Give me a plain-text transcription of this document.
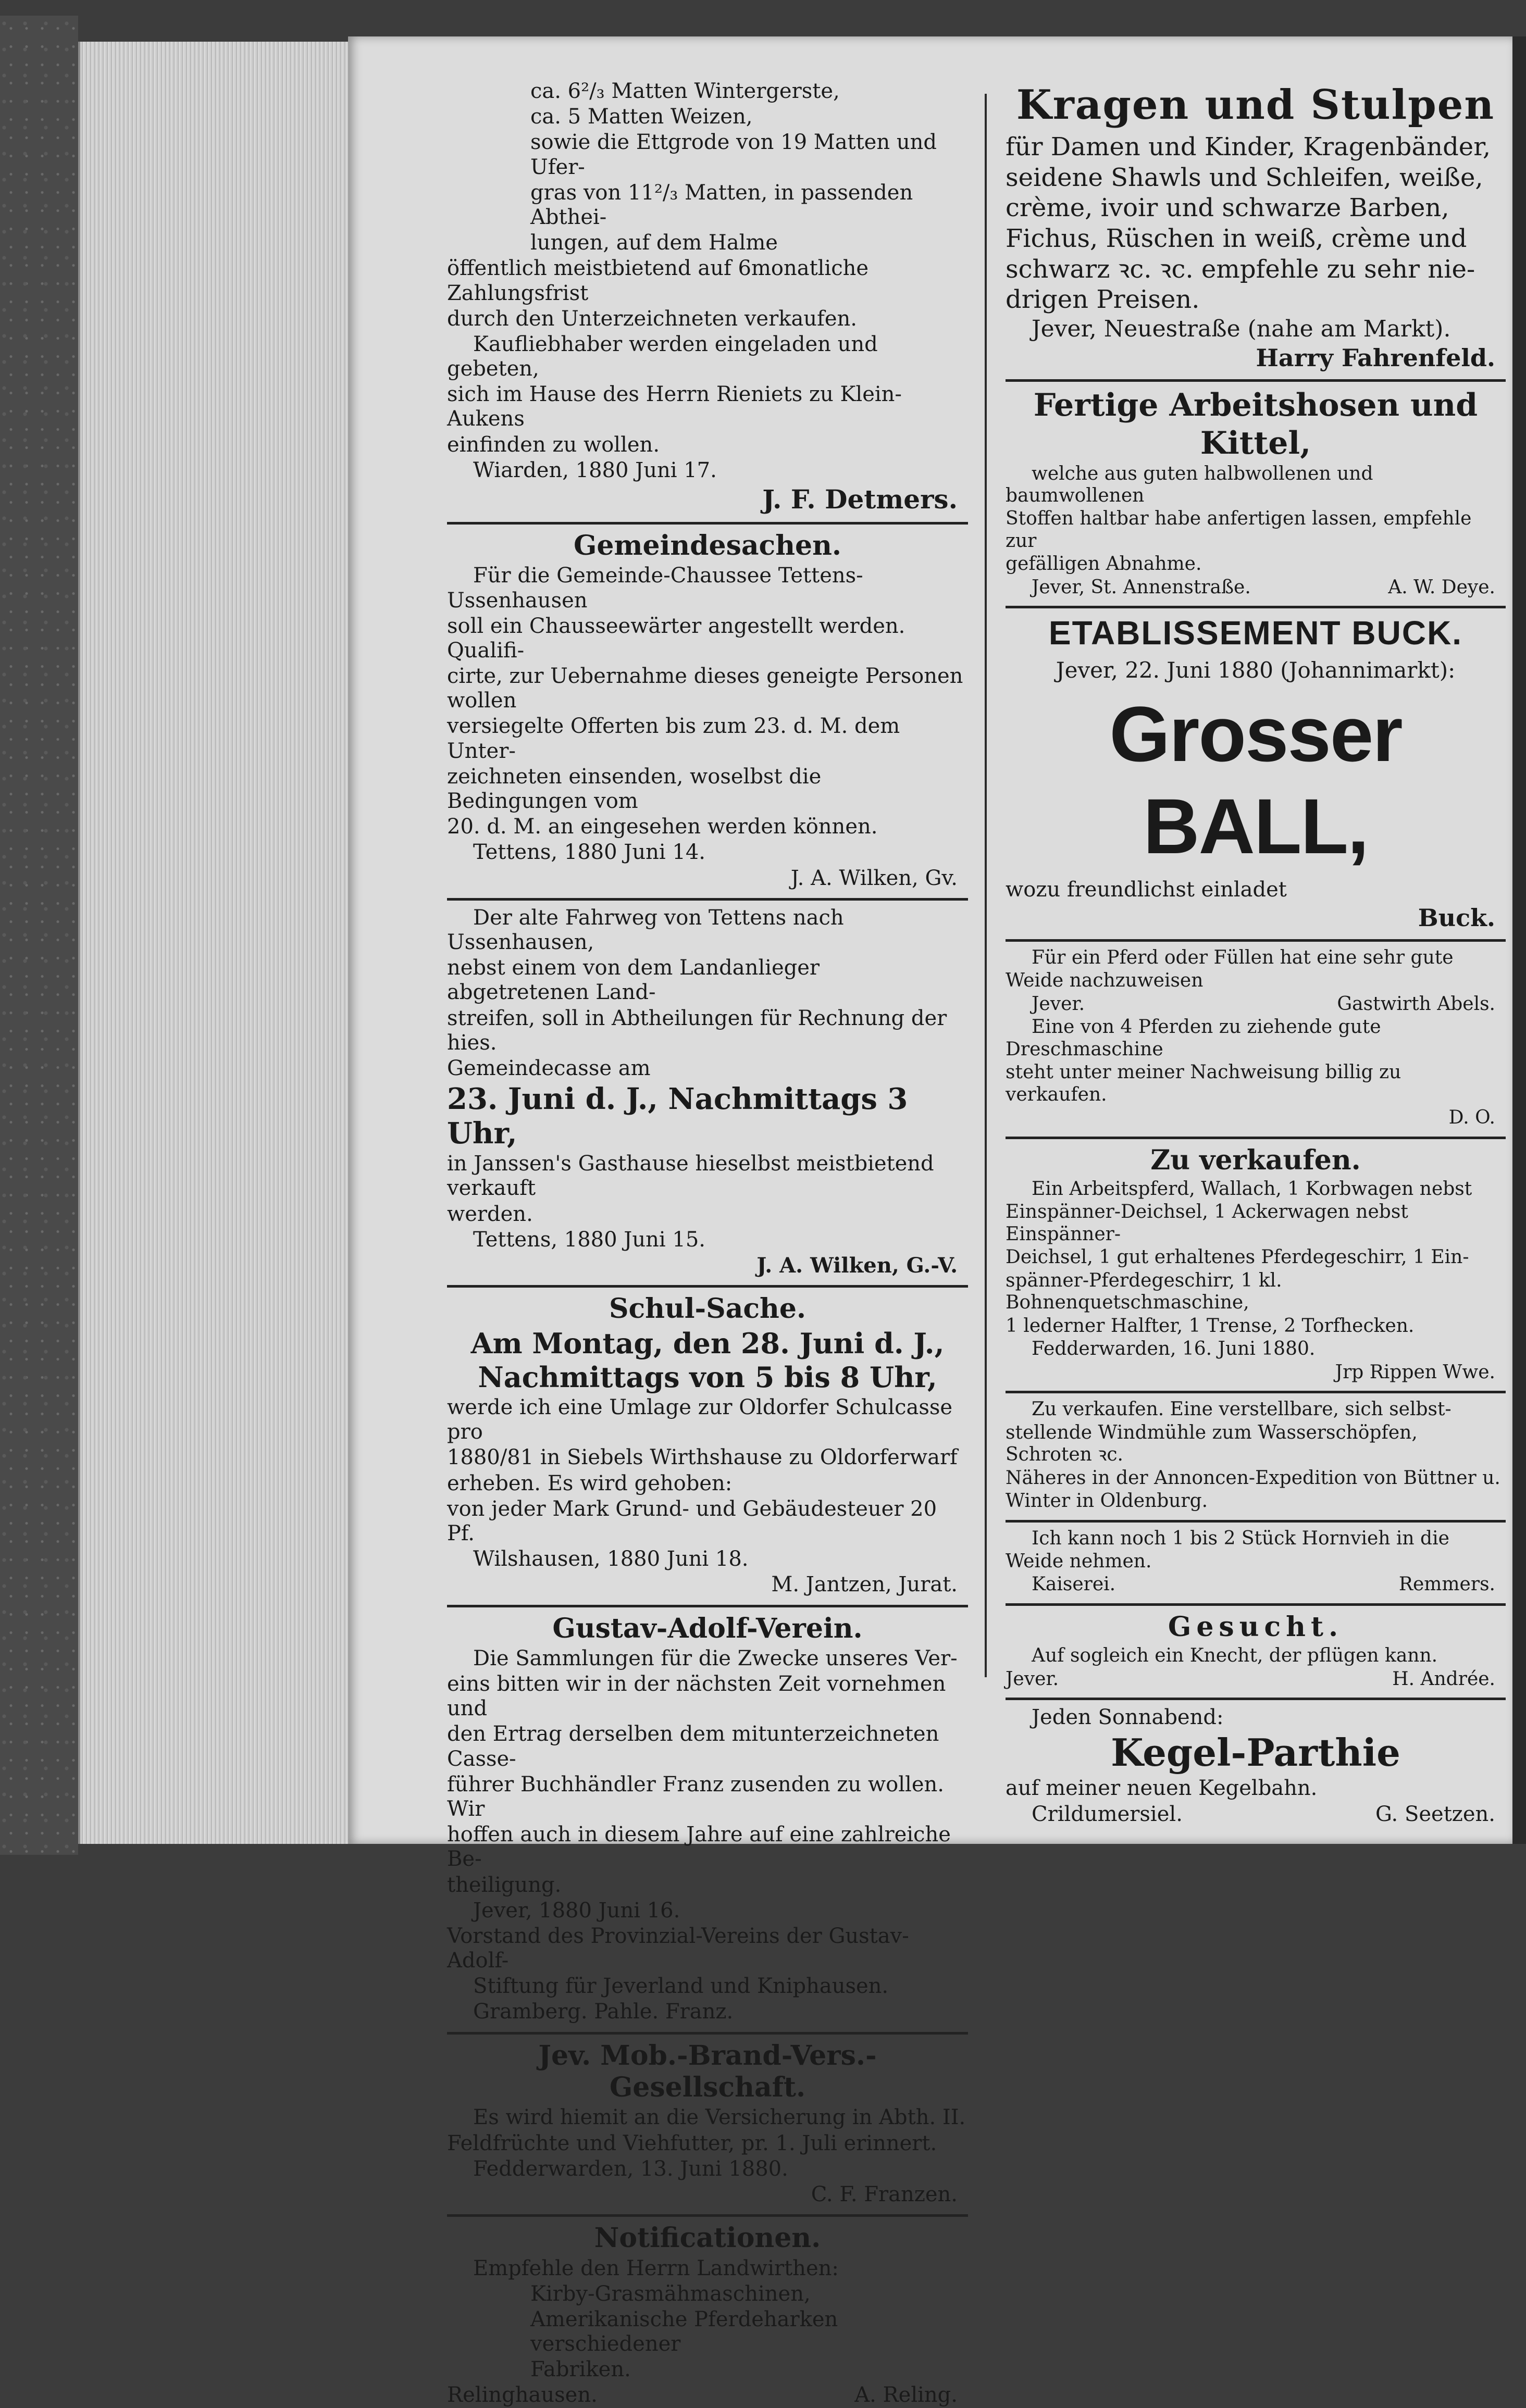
ca. 6²/₃ Matten Wintergerste,

ca. 5 Matten Weizen,

sowie die Ettgrode von 19 Matten und Ufer-

gras von 11²/₃ Matten, in passenden Abthei-

lungen, auf dem Halme

öffentlich meistbietend auf 6monatliche Zahlungsfrist

durch den Unterzeichneten verkaufen.

Kaufliebhaber werden eingeladen und gebeten,

sich im Hause des Herrn Rieniets zu Klein-Aukens

einfinden zu wollen.

Wiarden, 1880 Juni 17.

J. F. Detmers.

Gemeindesachen.

Für die Gemeinde-Chaussee Tettens-Ussenhausen

soll ein Chausseewärter angestellt werden. Qualifi-

cirte, zur Uebernahme dieses geneigte Personen wollen

versiegelte Offerten bis zum 23. d. M. dem Unter-

zeichneten einsenden, woselbst die Bedingungen vom

20. d. M. an eingesehen werden können.

Tettens, 1880 Juni 14.

J. A. Wilken, Gv.

Der alte Fahrweg von Tettens nach Ussenhausen,

nebst einem von dem Landanlieger abgetretenen Land-

streifen, soll in Abtheilungen für Rechnung der hies.

Gemeindecasse am

23. Juni d. J., Nachmittags 3 Uhr,

in Janssen's Gasthause hieselbst meistbietend verkauft

werden.

Tettens, 1880 Juni 15.

J. A. Wilken, G.-V.

Schul-Sache.

Am Montag, den 28. Juni d. J.,

Nachmittags von 5 bis 8 Uhr,

werde ich eine Umlage zur Oldorfer Schulcasse pro

1880/81 in Siebels Wirthshause zu Oldorferwarf

erheben. Es wird gehoben:

von jeder Mark Grund- und Gebäudesteuer 20 Pf.

Wilshausen, 1880 Juni 18.

M. Jantzen, Jurat.

Gustav-Adolf-Verein.

Die Sammlungen für die Zwecke unseres Ver-

eins bitten wir in der nächsten Zeit vornehmen und

den Ertrag derselben dem mitunterzeichneten Casse-

führer Buchhändler Franz zusenden zu wollen. Wir

hoffen auch in diesem Jahre auf eine zahlreiche Be-

theiligung.

Jever, 1880 Juni 16.

Vorstand des Provinzial-Vereins der Gustav-Adolf-

Stiftung für Jeverland und Kniphausen.

Gramberg. Pahle. Franz.

Jev. Mob.-Brand-Vers.-Gesellschaft.

Es wird hiemit an die Versicherung in Abth. II.

Feldfrüchte und Viehfutter, pr. 1. Juli erinnert.

Fedderwarden, 13. Juni 1880.

C. F. Franzen.

Notificationen.

Empfehle den Herrn Landwirthen:

Kirby-Grasmähmaschinen,

Amerikanische Pferdeharken verschiedener

Fabriken.

Relinghausen.	A. Reling.

Kragen und Stulpen

für Damen und Kinder, Kragenbänder,

seidene Shawls und Schleifen, weiße,

crème, ivoir und schwarze Barben,

Fichus, Rüschen in weiß, crème und

schwarz ꝛc. ꝛc. empfehle zu sehr nie-

drigen Preisen.

Jever, Neuestraße (nahe am Markt).

Harry Fahrenfeld.

Fertige Arbeitshosen und

Kittel,

welche aus guten halbwollenen und baumwollenen

Stoffen haltbar habe anfertigen lassen, empfehle zur

gefälligen Abnahme.

Jever, St. Annenstraße.	A. W. Deye.

ETABLISSEMENT BUCK.

Jever, 22. Juni 1880 (Johannimarkt):

Grosser BALL,

wozu freundlichst einladet

Buck.

Für ein Pferd oder Füllen hat eine sehr gute

Weide nachzuweisen

Jever.	Gastwirth Abels.

Eine von 4 Pferden zu ziehende gute Dreschmaschine

steht unter meiner Nachweisung billig zu verkaufen.

D. O.

Zu verkaufen.

Ein Arbeitspferd, Wallach, 1 Korbwagen nebst

Einspänner-Deichsel, 1 Ackerwagen nebst Einspänner-

Deichsel, 1 gut erhaltenes Pferdegeschirr, 1 Ein-

spänner-Pferdegeschirr, 1 kl. Bohnenquetschmaschine,

1 lederner Halfter, 1 Trense, 2 Torfhecken.

Fedderwarden, 16. Juni 1880.

Jrp Rippen Wwe.

Zu verkaufen. Eine verstellbare, sich selbst-

stellende Windmühle zum Wasserschöpfen, Schroten ꝛc.

Näheres in der Annoncen-Expedition von Büttner u.

Winter in Oldenburg.

Ich kann noch 1 bis 2 Stück Hornvieh in die

Weide nehmen.

Kaiserei.	Remmers.

Gesucht.

Auf sogleich ein Knecht, der pflügen kann.

Jever.	H. Andrée.

Jeden Sonnabend:

Kegel-Parthie

auf meiner neuen Kegelbahn.

Crildumersiel.	G. Seetzen.
